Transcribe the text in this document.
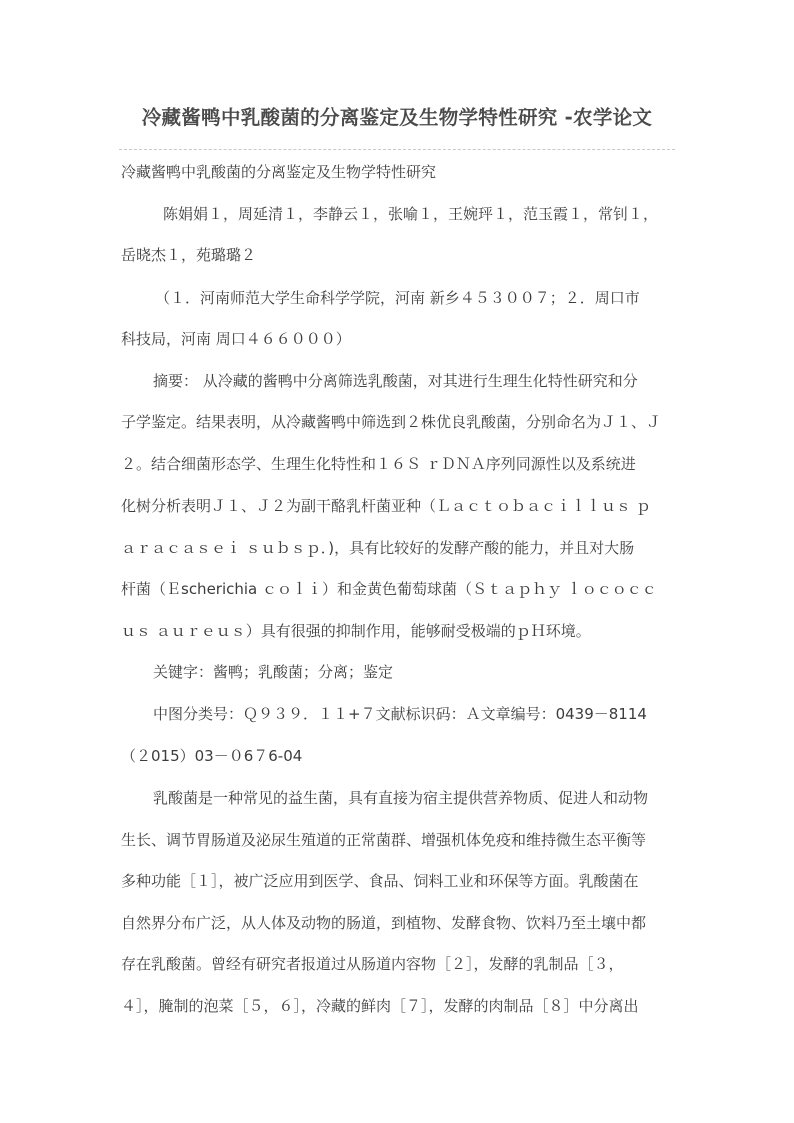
冷藏酱鸭中乳酸菌的分离鉴定及生物学特性研究 -农学论文
冷藏酱鸭中乳酸菌的分离鉴定及生物学特性研究
陈娟娟１，周延清１，李静云１，张喻１，王婉玶１，范玉霞１，常钊１，
岳晓杰１，苑璐璐２
（１．河南师范大学生命科学学院，河南 新乡４５３００７；２．周口市
科技局，河南 周口４６６０００）
摘要： 从冷藏的酱鸭中分离筛选乳酸菌，对其进行生理生化特性研究和分
子学鉴定。结果表明，从冷藏酱鸭中筛选到２株优良乳酸菌，分别命名为Ｊ１、Ｊ
２。结合细菌形态学、生理生化特性和１６Ｓ ｒＤＮＡ序列同源性以及系统进
化树分析表明Ｊ１、Ｊ２为副干酪乳杆菌亚种（Ｌａｃｔｏｂａｃｉｌｌｕｓ ｐ
ａｒａｃａｓｅｉ ｓｕｂｓｐ．)，具有比较好的发酵产酸的能力，并且对大肠
杆菌（Ｅscherichia ｃｏｌｉ）和金黄色葡萄球菌（Ｓｔａｐｈｙ ｌｏｃｏｃｃ
ｕｓ ａｕｒｅｕｓ）具有很强的抑制作用，能够耐受极端的ｐＨ环境。
关键字：酱鸭；乳酸菌；分离；鉴定
中图分类号：Ｑ９３９．１１+７文献标识码：Ａ文章编号：0439－8114
（２015）03－０6７6-04
乳酸菌是一种常见的益生菌，具有直接为宿主提供营养物质、促进人和动物
生长、调节胃肠道及泌尿生殖道的正常菌群、增强机体免疫和维持微生态平衡等
多种功能［１］，被广泛应用到医学、食品、饲料工业和环保等方面。乳酸菌在
自然界分布广泛，从人体及动物的肠道，到植物、发酵食物、饮料乃至土壤中都
存在乳酸菌。曾经有研究者报道过从肠道内容物［２］，发酵的乳制品［３，
４］，腌制的泡菜［５，６］，冷藏的鲜肉［７］，发酵的肉制品［８］中分离出
